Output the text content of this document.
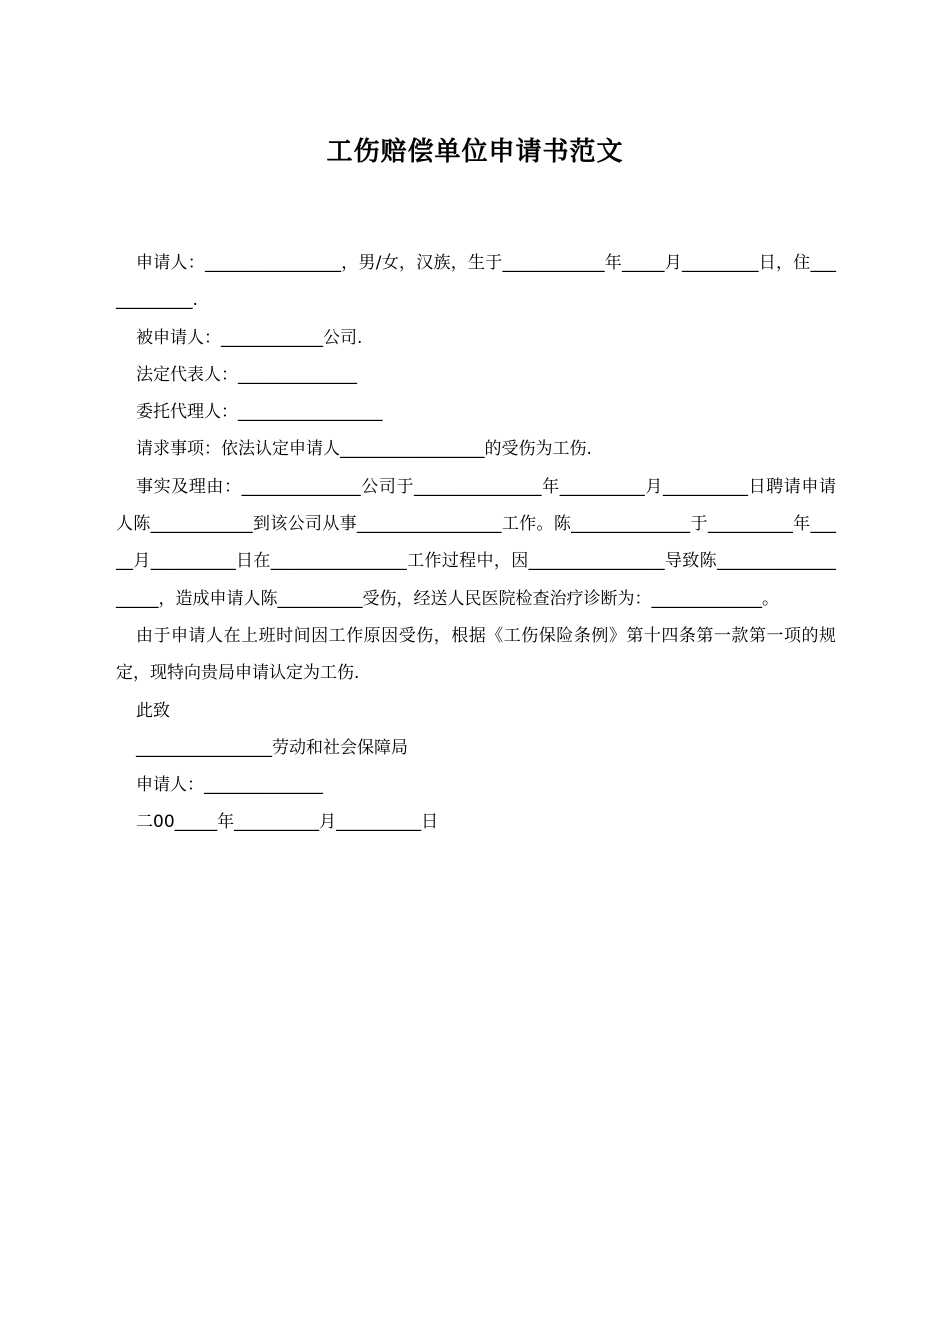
工伤赔偿单位申请书范文

申请人：________________，男/女，汉族，生于____________年_____月_________日，住____________.

被申请人：____________公司.

法定代表人：______________

委托代理人：_________________

请求事项：依法认定申请人_________________的受伤为工伤.

事实及理由：______________公司于_______________年__________月__________日聘请申请人陈____________到该公司从事_________________工作。陈______________于__________年_____月__________日在________________工作过程中，因________________导致陈___________________，造成申请人陈__________受伤，经送人民医院检查治疗诊断为：_____________。

由于申请人在上班时间因工作原因受伤，根据《工伤保险条例》第十四条第一款第一项的规定，现特向贵局申请认定为工伤.

此致

________________劳动和社会保障局

申请人：______________

二00_____年__________月__________日
